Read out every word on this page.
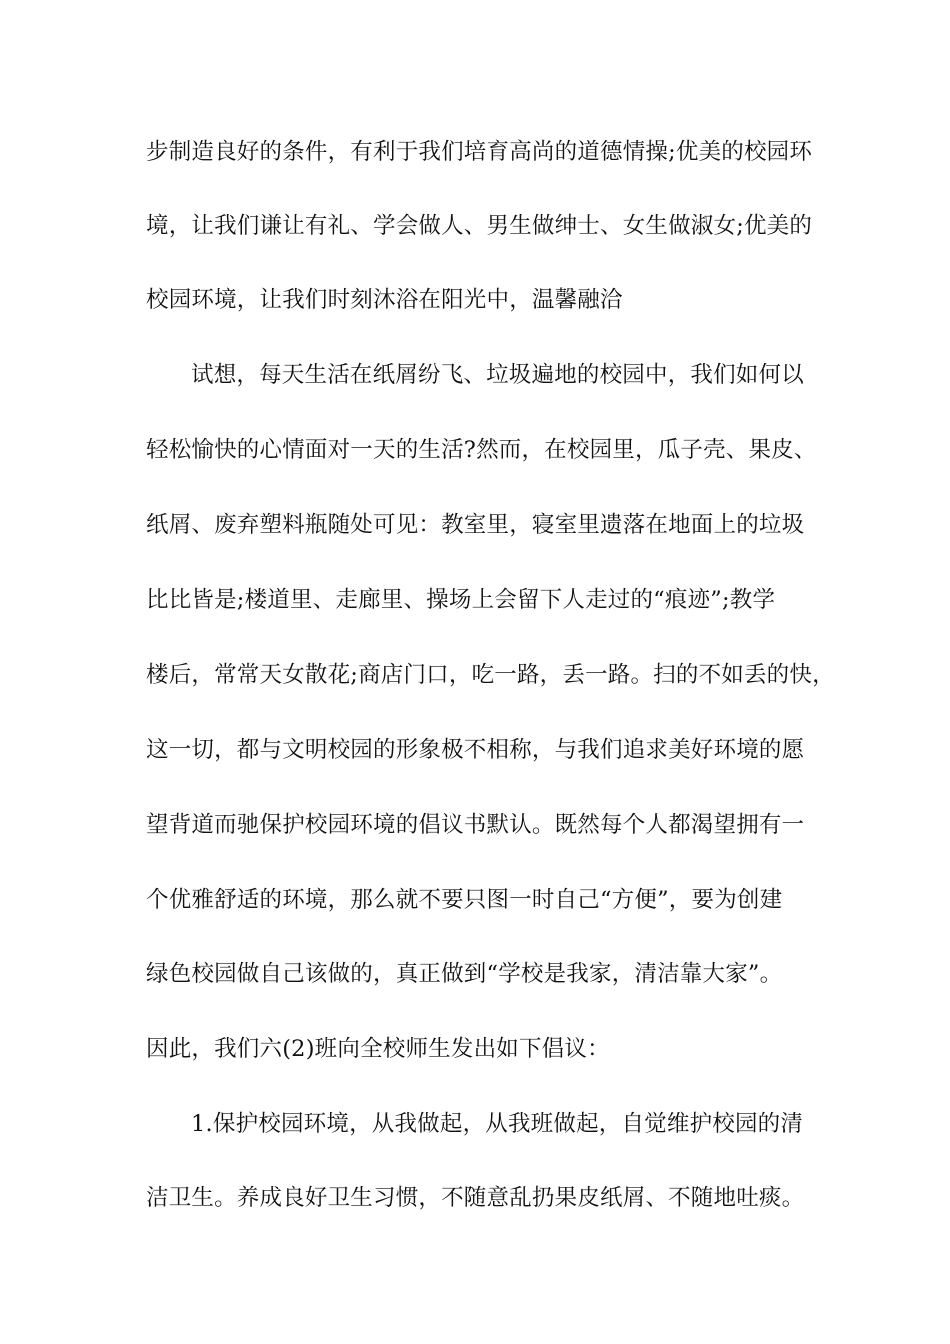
步制造良好的条件，有利于我们培育高尚的道德情操;优美的校园环
境，让我们谦让有礼、学会做人、男生做绅士、女生做淑女;优美的
校园环境，让我们时刻沐浴在阳光中，温馨融洽
试想，每天生活在纸屑纷飞、垃圾遍地的校园中，我们如何以
轻松愉快的心情面对一天的生活?然而，在校园里，瓜子壳、果皮、
纸屑、废弃塑料瓶随处可见：教室里，寝室里遗落在地面上的垃圾
比比皆是;楼道里、走廊里、操场上会留下人走过的“痕迹”;教学
楼后，常常天女散花;商店门口，吃一路，丢一路。扫的不如丢的快，
这一切，都与文明校园的形象极不相称，与我们追求美好环境的愿
望背道而驰保护校园环境的倡议书默认。既然每个人都渴望拥有一
个优雅舒适的环境，那么就不要只图一时自己“方便”，要为创建
绿色校园做自己该做的，真正做到“学校是我家，清洁靠大家”。
因此，我们六(2)班向全校师生发出如下倡议：
1.保护校园环境，从我做起，从我班做起，自觉维护校园的清
洁卫生。养成良好卫生习惯，不随意乱扔果皮纸屑、不随地吐痰。
